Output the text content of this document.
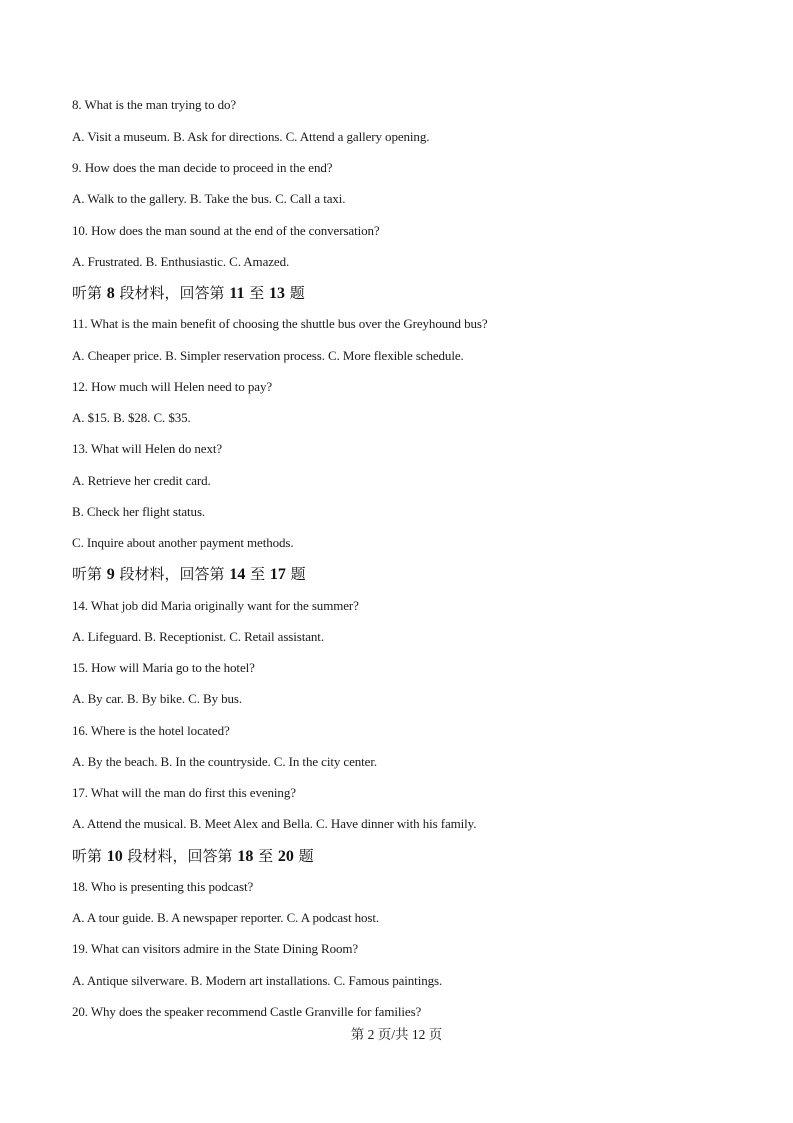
8. What is the man trying to do?
A. Visit a museum. B. Ask for directions. C. Attend a gallery opening.
9. How does the man decide to proceed in the end?
A. Walk to the gallery. B. Take the bus. C. Call a taxi.
10. How does the man sound at the end of the conversation?
A. Frustrated. B. Enthusiastic. C. Amazed.
听第 8 段材料，回答第 11 至 13 题
11. What is the main benefit of choosing the shuttle bus over the Greyhound bus?
A. Cheaper price. B. Simpler reservation process. C. More flexible schedule.
12. How much will Helen need to pay?
A. $15. B. $28. C. $35.
13. What will Helen do next?
A. Retrieve her credit card.
B. Check her flight status.
C. Inquire about another payment methods.
听第 9 段材料，回答第 14 至 17 题
14. What job did Maria originally want for the summer?
A. Lifeguard. B. Receptionist. C. Retail assistant.
15. How will Maria go to the hotel?
A. By car. B. By bike. C. By bus.
16. Where is the hotel located?
A. By the beach. B. In the countryside. C. In the city center.
17. What will the man do first this evening?
A. Attend the musical. B. Meet Alex and Bella. C. Have dinner with his family.
听第 10 段材料，回答第 18 至 20 题
18. Who is presenting this podcast?
A. A tour guide. B. A newspaper reporter. C. A podcast host.
19. What can visitors admire in the State Dining Room?
A. Antique silverware. B. Modern art installations. C. Famous paintings.
20. Why does the speaker recommend Castle Granville for families?
第 2 页/共 12 页
